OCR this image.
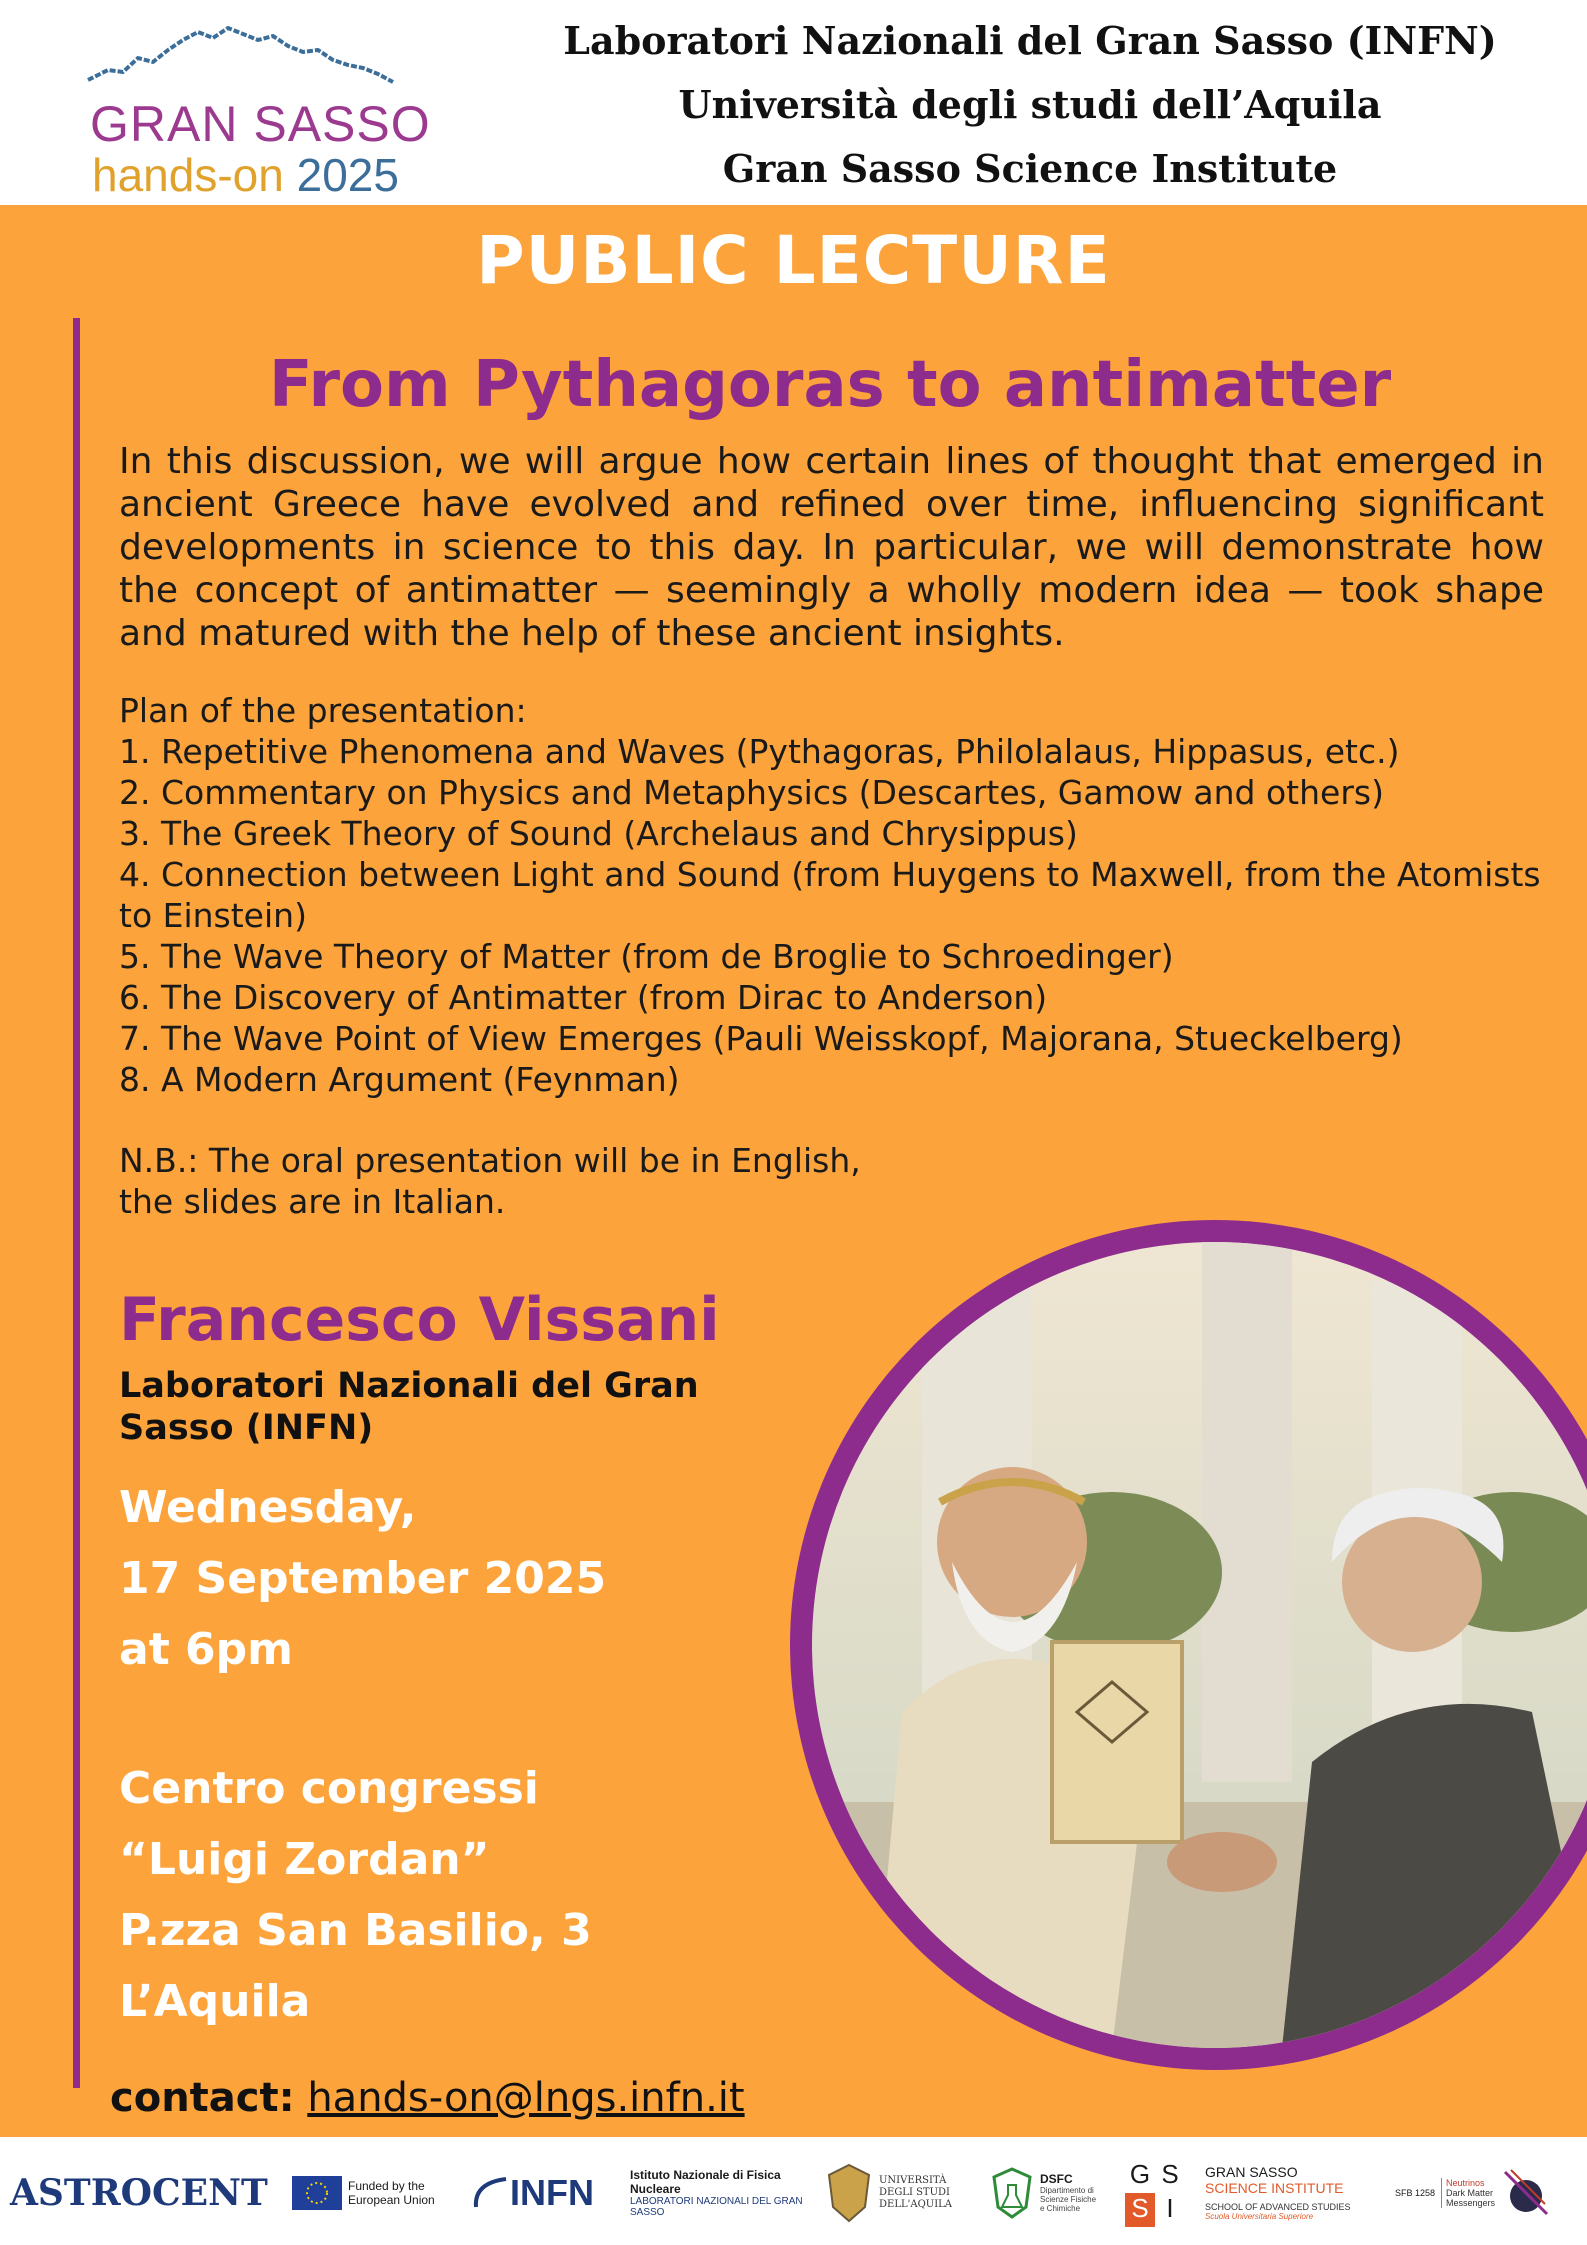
GRAN SASSO
hands-on 2025
Laboratori Nazionali del Gran Sasso (INFN)
Università degli studi dell’Aquila
Gran Sasso Science Institute
PUBLIC LECTURE
From Pythagoras to antimatter
In this discussion, we will argue how certain lines of thought that emerged in ancient Greece have evolved and refined over time, influencing significant developments in science to this day. In particular, we will demonstrate how the concept of antimatter — seemingly a wholly modern idea — took shape and matured with the help of these ancient insights.

Plan of the presentation:

1. Repetitive Phenomena and Waves (Pythagoras, Philolalaus, Hippasus, etc.)

2. Commentary on Physics and Metaphysics (Descartes, Gamow and others)

3. The Greek Theory of Sound (Archelaus and Chrysippus)

4. Connection between Light and Sound (from Huygens to Maxwell, from the Atomists to Einstein)

5. The Wave Theory of Matter (from de Broglie to Schroedinger)

6. The Discovery of Antimatter (from Dirac to Anderson)

7. The Wave Point of View Emerges (Pauli Weisskopf, Majorana, Stueckelberg)

8. A Modern Argument (Feynman)

N.B.: The oral presentation will be in English,
the slides are in Italian.
Francesco Vissani
Laboratori Nazionali del Gran Sasso (INFN)
Wednesday,
17 September 2025
at 6pm
Centro congressi
“Luigi Zordan”
P.zza San Basilio, 3
L’Aquila
contact: hands-on@lngs.infn.it
ASTROCENT	Funded by the European Union	INFN	Istituto Nazionale di Fisica Nucleare
LABORATORI NAZIONALI DEL GRAN SASSO
UNIVERSITÀ DEGLI STUDI DELL'AQUILA
DSFC
Dipartimento di Scienze Fisiche e Chimiche
G S
S I
GRAN SASSO
SCIENCE INSTITUTE
SCHOOL OF ADVANCED STUDIES
Scuola Universitaria Superiore
SFB 1258
Neutrinos
Dark Matter
Messengers
